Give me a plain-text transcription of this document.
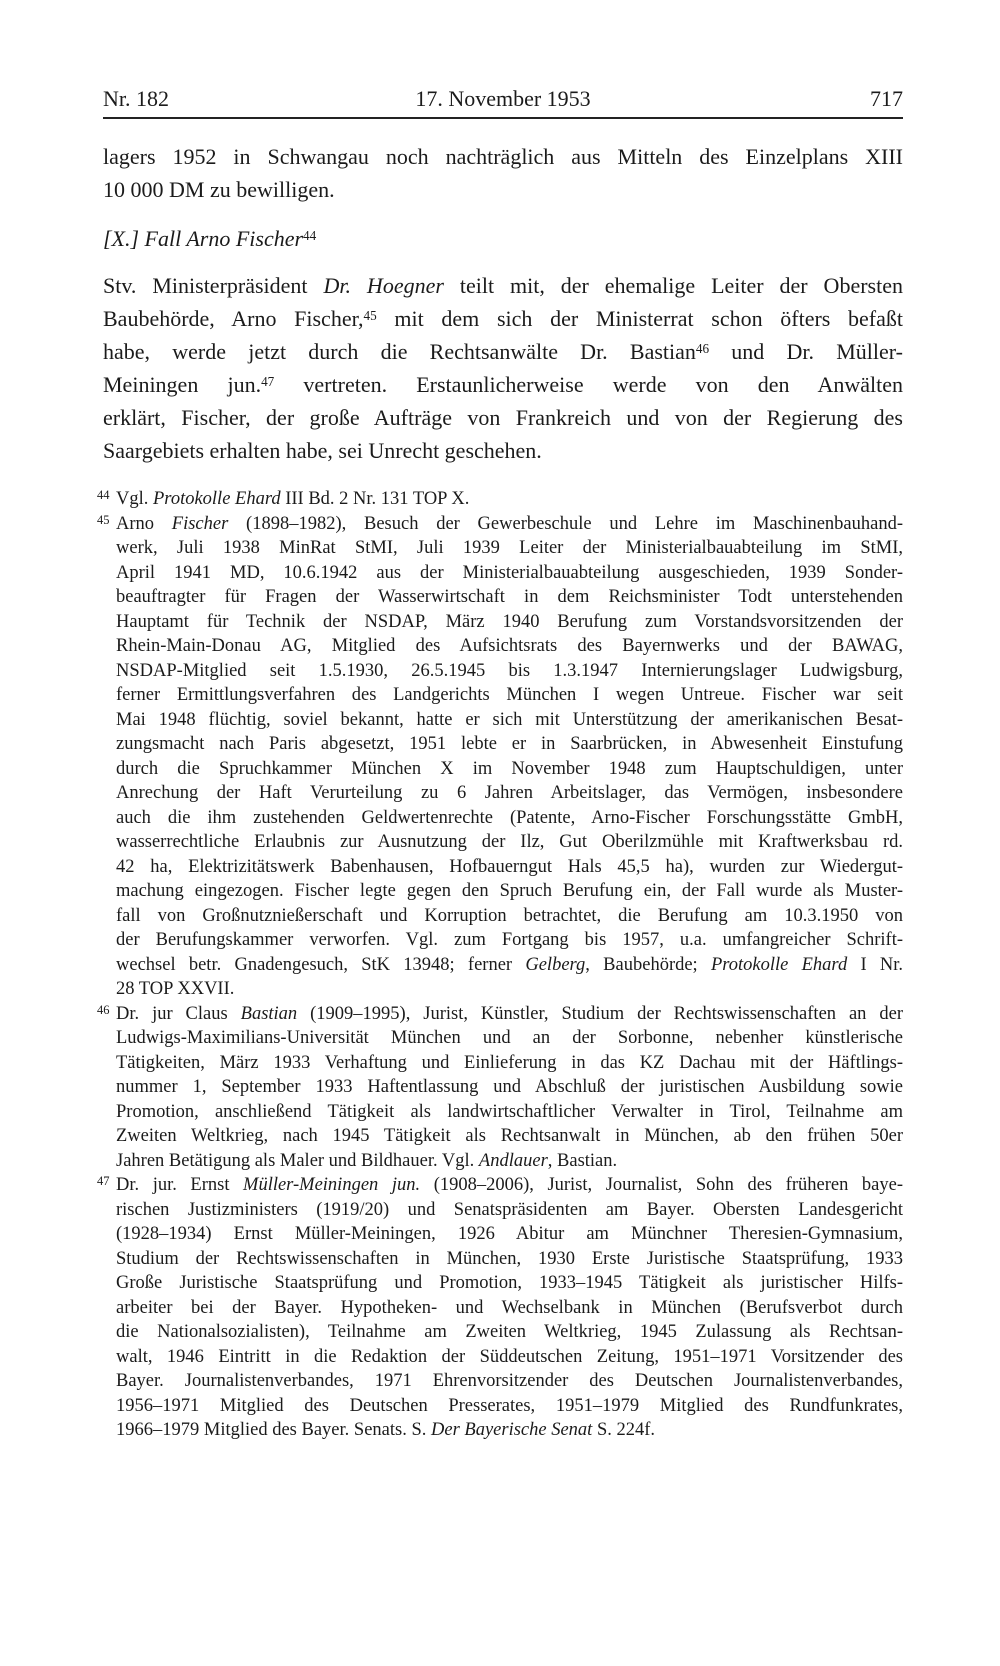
Nr. 182	17. November 1953	717
lagers 1952 in Schwangau noch nachträglich aus Mitteln des Einzelplans XIII
10 000 DM zu bewilligen.
[X.] Fall Arno Fischer$^{44}$
Stv. Ministerpräsident Dr. Hoegner teilt mit, der ehemalige Leiter der Obersten
Baubehörde, Arno Fischer,$^{45}$ mit dem sich der Ministerrat schon öfters befaßt
habe, werde jetzt durch die Rechtsanwälte Dr. Bastian$^{46}$ und Dr. Müller-
Meiningen jun.$^{47}$ vertreten. Erstaunlicherweise werde von den Anwälten
erklärt, Fischer, der große Aufträge von Frankreich und von der Regierung des
Saargebiets erhalten habe, sei Unrecht geschehen.
44 Vgl. Protokolle Ehard III Bd. 2 Nr. 131 TOP X.
45 Arno Fischer (1898–1982), Besuch der Gewerbeschule und Lehre im Maschinenbauhand-
werk, Juli 1938 MinRat StMI, Juli 1939 Leiter der Ministerialbauabteilung im StMI,
April 1941 MD, 10.6.1942 aus der Ministerialbauabteilung ausgeschieden, 1939 Sonder-
beauftragter für Fragen der Wasserwirtschaft in dem Reichsminister Todt unterstehenden
Hauptamt für Technik der NSDAP, März 1940 Berufung zum Vorstandsvorsitzenden der
Rhein-Main-Donau AG, Mitglied des Aufsichtsrats des Bayernwerks und der BAWAG,
NSDAP-Mitglied seit 1.5.1930, 26.5.1945 bis 1.3.1947 Internierungslager Ludwigsburg,
ferner Ermittlungsverfahren des Landgerichts München I wegen Untreue. Fischer war seit
Mai 1948 flüchtig, soviel bekannt, hatte er sich mit Unterstützung der amerikanischen Besat-
zungsmacht nach Paris abgesetzt, 1951 lebte er in Saarbrücken, in Abwesenheit Einstufung
durch die Spruchkammer München X im November 1948 zum Hauptschuldigen, unter
Anrechung der Haft Verurteilung zu 6 Jahren Arbeitslager, das Vermögen, insbesondere
auch die ihm zustehenden Geldwertenrechte (Patente, Arno-Fischer Forschungsstätte GmbH,
wasserrechtliche Erlaubnis zur Ausnutzung der Ilz, Gut Oberilzmühle mit Kraftwerksbau rd.
42 ha, Elektrizitätswerk Babenhausen, Hofbauerngut Hals 45,5 ha), wurden zur Wiedergut-
machung eingezogen. Fischer legte gegen den Spruch Berufung ein, der Fall wurde als Muster-
fall von Großnutznießerschaft und Korruption betrachtet, die Berufung am 10.3.1950 von
der Berufungskammer verworfen. Vgl. zum Fortgang bis 1957, u.a. umfangreicher Schrift-
wechsel betr. Gnadengesuch, StK 13948; ferner Gelberg, Baubehörde; Protokolle Ehard I Nr.
28 TOP XXVII.
46 Dr. jur Claus Bastian (1909–1995), Jurist, Künstler, Studium der Rechtswissenschaften an der
Ludwigs-Maximilians-Universität München und an der Sorbonne, nebenher künstlerische
Tätigkeiten, März 1933 Verhaftung und Einlieferung in das KZ Dachau mit der Häftlings-
nummer 1, September 1933 Haftentlassung und Abschluß der juristischen Ausbildung sowie
Promotion, anschließend Tätigkeit als landwirtschaftlicher Verwalter in Tirol, Teilnahme am
Zweiten Weltkrieg, nach 1945 Tätigkeit als Rechtsanwalt in München, ab den frühen 50er
Jahren Betätigung als Maler und Bildhauer. Vgl. Andlauer, Bastian.
47 Dr. jur. Ernst Müller-Meiningen jun. (1908–2006), Jurist, Journalist, Sohn des früheren baye-
rischen Justizministers (1919/20) und Senatspräsidenten am Bayer. Obersten Landesgericht
(1928–1934) Ernst Müller-Meiningen, 1926 Abitur am Münchner Theresien-Gymnasium,
Studium der Rechtswissenschaften in München, 1930 Erste Juristische Staatsprüfung, 1933
Große Juristische Staatsprüfung und Promotion, 1933–1945 Tätigkeit als juristischer Hilfs-
arbeiter bei der Bayer. Hypotheken- und Wechselbank in München (Berufsverbot durch
die Nationalsozialisten), Teilnahme am Zweiten Weltkrieg, 1945 Zulassung als Rechtsan-
walt, 1946 Eintritt in die Redaktion der Süddeutschen Zeitung, 1951–1971 Vorsitzender des
Bayer. Journalistenverbandes, 1971 Ehrenvorsitzender des Deutschen Journalistenverbandes,
1956–1971 Mitglied des Deutschen Presserates, 1951–1979 Mitglied des Rundfunkrates,
1966–1979 Mitglied des Bayer. Senats. S. Der Bayerische Senat S. 224f.
